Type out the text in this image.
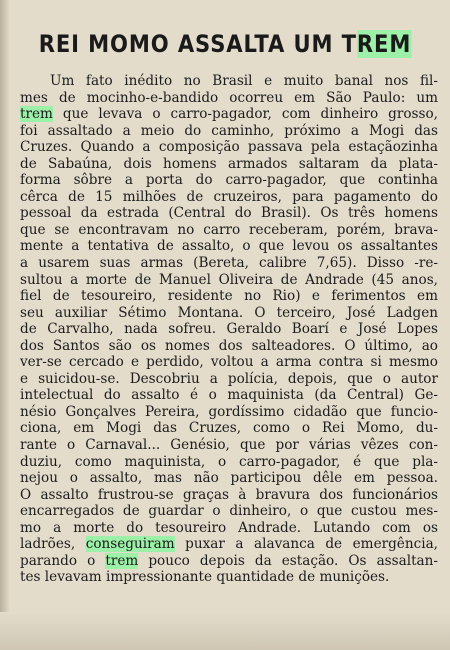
REI MOMO ASSALTA UM TREM
Um fato inédito no Brasil e muito banal nos fil-
mes de mocinho-e-bandido ocorreu em São Paulo: um
trem que levava o carro-pagador, com dinheiro grosso,
foi assaltado a meio do caminho, próximo a Mogi das
Cruzes. Quando a composição passava pela estaçãozinha
de Sabaúna, dois homens armados saltaram da plata-
forma sôbre a porta do carro-pagador, que continha
cêrca de 15 milhões de cruzeiros, para pagamento do
pessoal da estrada (Central do Brasil). Os três homens
que se encontravam no carro receberam, porém, brava-
mente a tentativa de assalto, o que levou os assaltantes
a usarem suas armas (Bereta, calibre 7,65). Disso -re-
sultou a morte de Manuel Oliveira de Andrade (45 anos,
fiel de tesoureiro, residente no Rio) e ferimentos em
seu auxiliar Sétimo Montana. O terceiro, José Ladgen
de Carvalho, nada sofreu. Geraldo Boarí e José Lopes
dos Santos são os nomes dos salteadores. O último, ao
ver-se cercado e perdido, voltou a arma contra si mesmo
e suicidou-se. Descobriu a polícia, depois, que o autor
intelectual do assalto é o maquinista (da Central) Ge-
nésio Gonçalves Pereira, gordíssimo cidadão que funcio-
ciona, em Mogi das Cruzes, como o Rei Momo, du-
rante o Carnaval... Genésio, que por várias vêzes con-
duziu, como maquinista, o carro-pagador, é que pla-
nejou o assalto, mas não participou dêle em pessoa.
O assalto frustrou-se graças à bravura dos funcionários
encarregados de guardar o dinheiro, o que custou mes-
mo a morte do tesoureiro Andrade. Lutando com os
ladrões, conseguiram puxar a alavanca de emergência,
parando o trem pouco depois da estação. Os assaltan-
tes levavam impressionante quantidade de munições.
